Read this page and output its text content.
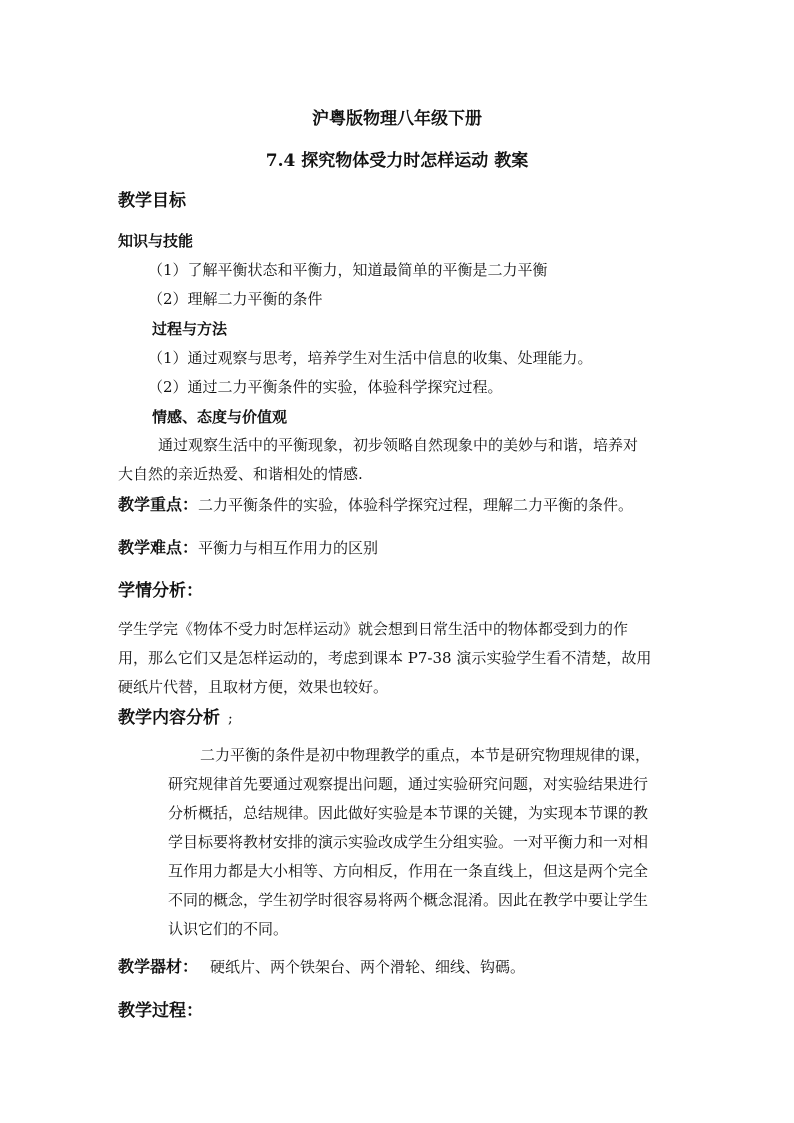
沪粤版物理八年级下册
7.4 探究物体受力时怎样运动 教案
教学目标
知识与技能
（1）了解平衡状态和平衡力，知道最简单的平衡是二力平衡
（2）理解二力平衡的条件
过程与方法
（1）通过观察与思考，培养学生对生活中信息的收集、处理能力。
（2）通过二力平衡条件的实验，体验科学探究过程。
情感、态度与价值观
通过观察生活中的平衡现象，初步领略自然现象中的美妙与和谐，培养对
大自然的亲近热爱、和谐相处的情感.
教学重点：二力平衡条件的实验，体验科学探究过程，理解二力平衡的条件。
教学难点：平衡力与相互作用力的区别
学情分析：
学生学完《物体不受力时怎样运动》就会想到日常生活中的物体都受到力的作
用，那么它们又是怎样运动的，考虑到课本 P7-38 演示实验学生看不清楚，故用
硬纸片代替，且取材方便，效果也较好。
教学内容分析 ;
二力平衡的条件是初中物理教学的重点，本节是研究物理规律的课，
研究规律首先要通过观察提出问题，通过实验研究问题，对实验结果进行
分析概括，总结规律。因此做好实验是本节课的关键，为实现本节课的教
学目标要将教材安排的演示实验改成学生分组实验。一对平衡力和一对相
互作用力都是大小相等、方向相反，作用在一条直线上，但这是两个完全
不同的概念，学生初学时很容易将两个概念混淆。因此在教学中要让学生
认识它们的不同。
教学器材： 硬纸片、两个铁架台、两个滑轮、细线、钩碼。
教学过程：
